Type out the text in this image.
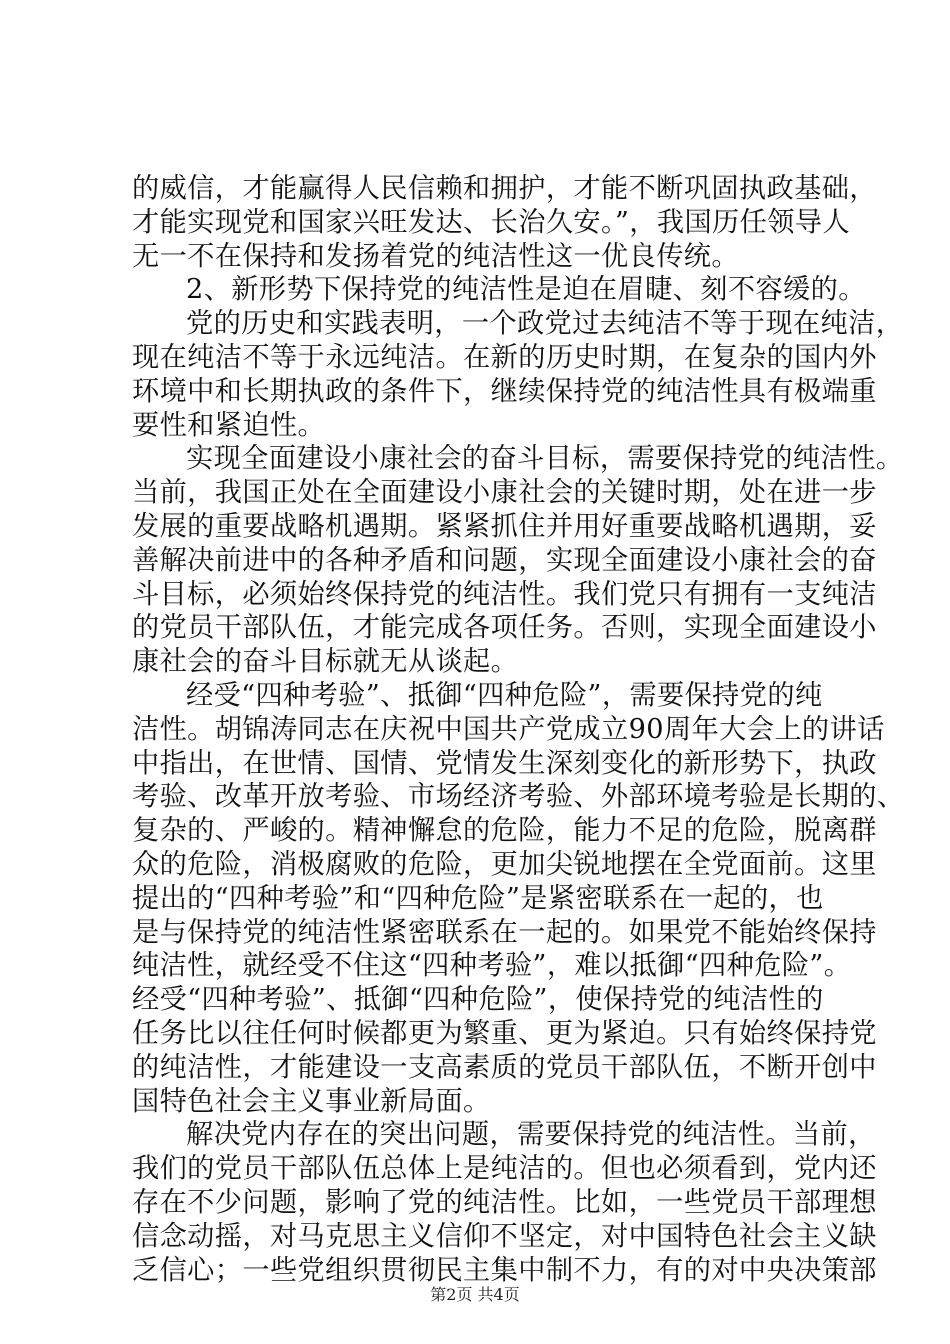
的威信，才能赢得人民信赖和拥护，才能不断巩固执政基础，
才能实现党和国家兴旺发达、长治久安。”，我国历任领导人
无一不在保持和发扬着党的纯洁性这一优良传统。
2、新形势下保持党的纯洁性是迫在眉睫、刻不容缓的。
党的历史和实践表明，一个政党过去纯洁不等于现在纯洁，
现在纯洁不等于永远纯洁。在新的历史时期，在复杂的国内外
环境中和长期执政的条件下，继续保持党的纯洁性具有极端重
要性和紧迫性。
实现全面建设小康社会的奋斗目标，需要保持党的纯洁性。
当前，我国正处在全面建设小康社会的关键时期，处在进一步
发展的重要战略机遇期。紧紧抓住并用好重要战略机遇期，妥
善解决前进中的各种矛盾和问题，实现全面建设小康社会的奋
斗目标，必须始终保持党的纯洁性。我们党只有拥有一支纯洁
的党员干部队伍，才能完成各项任务。否则，实现全面建设小
康社会的奋斗目标就无从谈起。
经受“四种考验”、抵御“四种危险”，需要保持党的纯
洁性。胡锦涛同志在庆祝中国共产党成立90周年大会上的讲话
中指出，在世情、国情、党情发生深刻变化的新形势下，执政
考验、改革开放考验、市场经济考验、外部环境考验是长期的、
复杂的、严峻的。精神懈怠的危险，能力不足的危险，脱离群
众的危险，消极腐败的危险，更加尖锐地摆在全党面前。这里
提出的“四种考验”和“四种危险”是紧密联系在一起的，也
是与保持党的纯洁性紧密联系在一起的。如果党不能始终保持
纯洁性，就经受不住这“四种考验”，难以抵御“四种危险”。
经受“四种考验”、抵御“四种危险”，使保持党的纯洁性的
任务比以往任何时候都更为繁重、更为紧迫。只有始终保持党
的纯洁性，才能建设一支高素质的党员干部队伍，不断开创中
国特色社会主义事业新局面。
解决党内存在的突出问题，需要保持党的纯洁性。当前，
我们的党员干部队伍总体上是纯洁的。但也必须看到，党内还
存在不少问题，影响了党的纯洁性。比如，一些党员干部理想
信念动摇，对马克思主义信仰不坚定，对中国特色社会主义缺
乏信心；一些党组织贯彻民主集中制不力，有的对中央决策部
第2页 共4页
